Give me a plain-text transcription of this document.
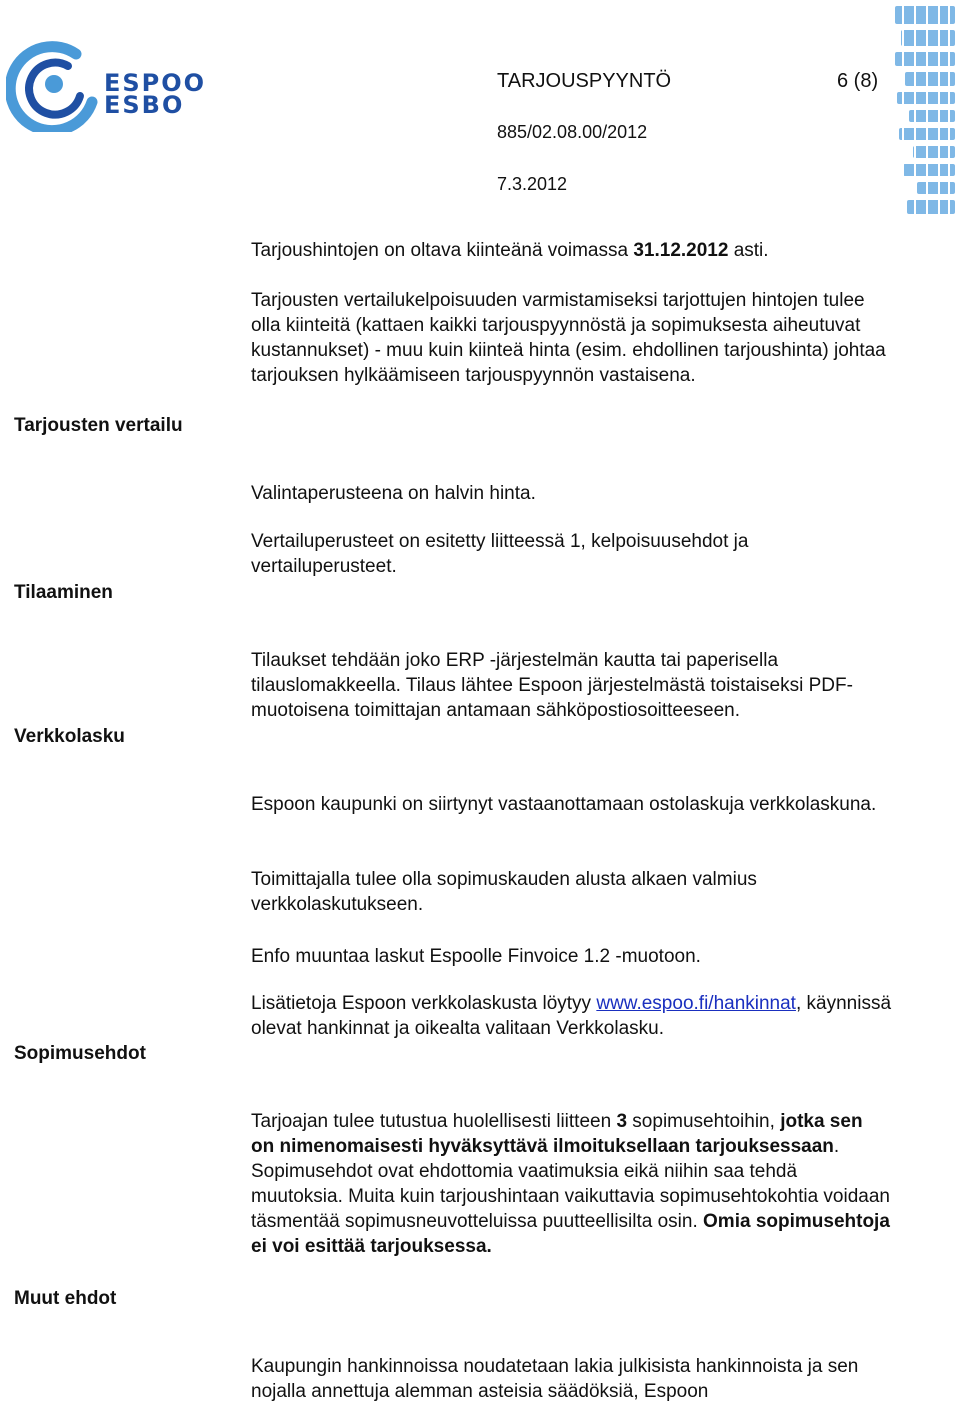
ESPOO
ESBO
TARJOUSPYYNTÖ	6 (8)
885/02.08.00/2012
7.3.2012
Tarjousten vertailu
Tilaaminen
Verkkolasku
Sopimusehdot
Muut ehdot

Tarjoushintojen on oltava kiinteänä voimassa 31.12.2012 asti.

Tarjousten vertailukelpoisuuden varmistamiseksi tarjottujen hintojen tulee olla kiinteitä (kattaen kaikki tarjouspyynnöstä ja sopimuksesta aiheutuvat kustannukset) - muu kuin kiinteä hinta (esim. ehdollinen tarjoushinta) johtaa tarjouksen hylkäämiseen tarjouspyynnön vastaisena.

Valintaperusteena on halvin hinta.

Vertailuperusteet on esitetty liitteessä 1, kelpoisuusehdot ja vertailuperusteet.

Tilaukset tehdään joko ERP -järjestelmän kautta tai paperisella tilauslomakkeella. Tilaus lähtee Espoon järjestelmästä toistaiseksi PDF- muotoisena toimittajan antamaan sähköpostiosoitteeseen.

Espoon kaupunki on siirtynyt vastaanottamaan ostolaskuja verkkolaskuna.

Toimittajalla tulee olla sopimuskauden alusta alkaen valmius verkkolaskutukseen.

Enfo muuntaa laskut Espoolle Finvoice 1.2 -muotoon.

Lisätietoja Espoon verkkolaskusta löytyy www.espoo.fi/hankinnat, käynnissä olevat hankinnat ja oikealta valitaan Verkkolasku.

Tarjoajan tulee tutustua huolellisesti liitteen 3 sopimusehtoihin, jotka sen on nimenomaisesti hyväksyttävä ilmoituksellaan tarjouksessaan. Sopimusehdot ovat ehdottomia vaatimuksia eikä niihin saa tehdä muutoksia. Muita kuin tarjoushintaan vaikuttavia sopimusehtokohtia voidaan täsmentää sopimusneuvotteluissa puutteellisilta osin. Omia sopimusehtoja ei voi esittää tarjouksessa.

Kaupungin hankinnoissa noudatetaan lakia julkisista hankinnoista ja sen nojalla annettuja alemman asteisia säädöksiä, Espoon
